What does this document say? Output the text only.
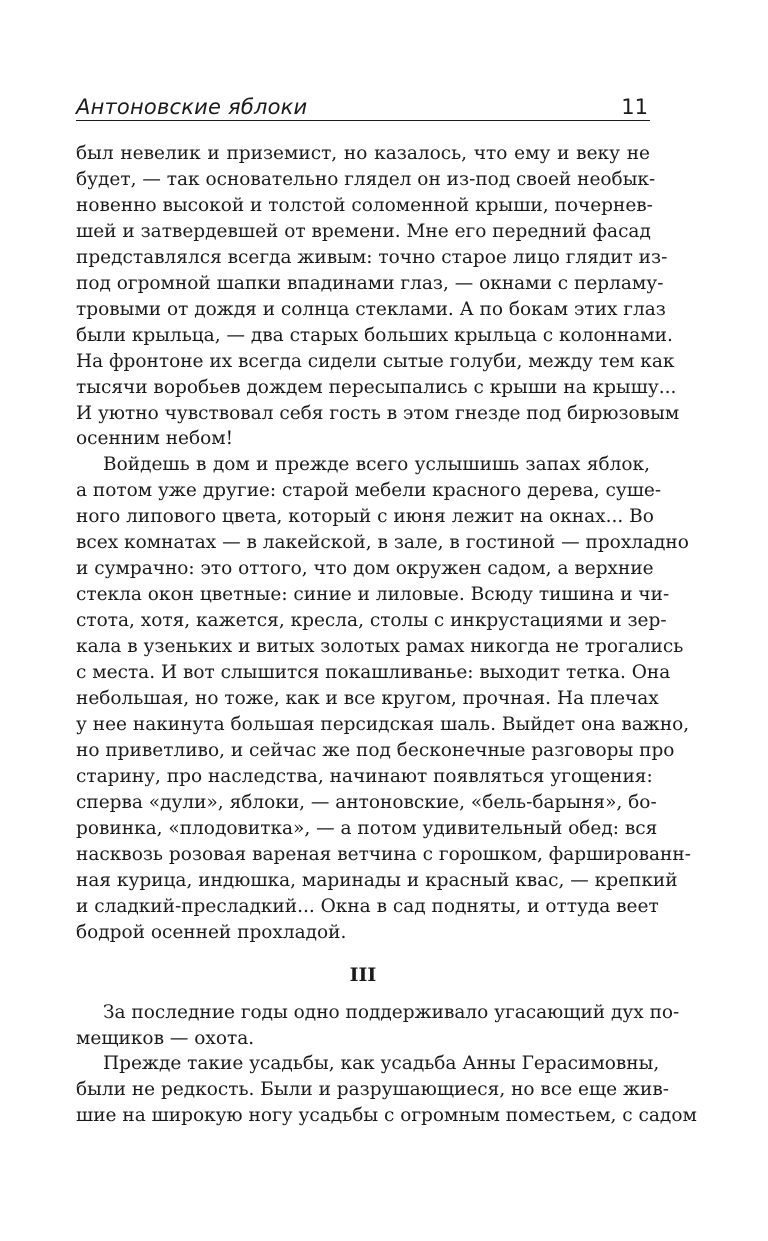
Антоновские яблоки	11
был невелик и приземист, но казалось, что ему и веку не
будет, — так основательно глядел он из-под своей необык-
новенно высокой и толстой соломенной крыши, почернев-
шей и затвердевшей от времени. Мне его передний фасад
представлялся всегда живым: точно старое лицо глядит из-
под огромной шапки впадинами глаз, — окнами с перламу-
тровыми от дождя и солнца стеклами. А по бокам этих глаз
были крыльца, — два старых больших крыльца с колоннами.
На фронтоне их всегда сидели сытые голуби, между тем как
тысячи воробьев дождем пересыпались с крыши на крышу...
И уютно чувствовал себя гость в этом гнезде под бирюзовым
осенним небом!
Войдешь в дом и прежде всего услышишь запах яблок,
а потом уже другие: старой мебели красного дерева, суше-
ного липового цвета, который с июня лежит на окнах... Во
всех комнатах — в лакейской, в зале, в гостиной — прохладно
и сумрачно: это оттого, что дом окружен садом, а верхние
стекла окон цветные: синие и лиловые. Всюду тишина и чи-
стота, хотя, кажется, кресла, столы с инкрустациями и зер-
кала в узеньких и витых золотых рамах никогда не трогались
с места. И вот слышится покашливанье: выходит тетка. Она
небольшая, но тоже, как и все кругом, прочная. На плечах
у нее накинута большая персидская шаль. Выйдет она важно,
но приветливо, и сейчас же под бесконечные разговоры про
старину, про наследства, начинают появляться угощения:
сперва «дули», яблоки, — антоновские, «бель-барыня», бо-
ровинка, «плодовитка», — а потом удивительный обед: вся
насквозь розовая вареная ветчина с горошком, фаршированн-
ная курица, индюшка, маринады и красный квас, — крепкий
и сладкий-пресладкий... Окна в сад подняты, и оттуда веет
бодрой осенней прохладой.
III
За последние годы одно поддерживало угасающий дух по-
мещиков — охота.
Прежде такие усадьбы, как усадьба Анны Герасимовны,
были не редкость. Были и разрушающиеся, но все еще жив-
шие на широкую ногу усадьбы с огромным поместьем, с садом
